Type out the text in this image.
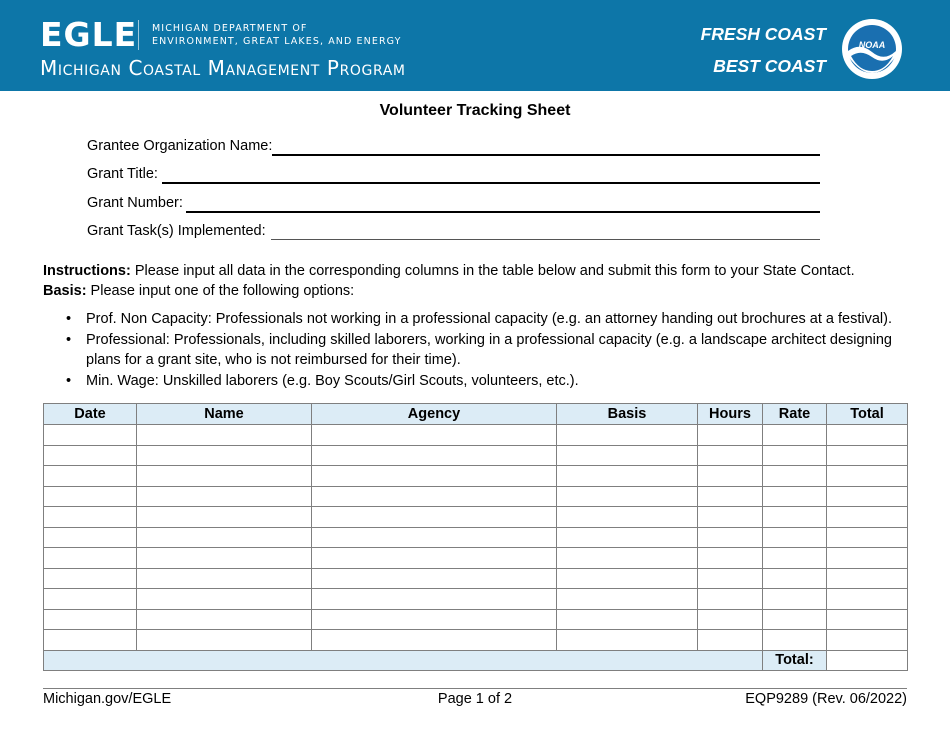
EGLE MICHIGAN DEPARTMENT OF
ENVIRONMENT, GREAT LAKES, AND ENERGY
Michigan Coastal Management Program
FRESH COAST
BEST COAST
NOAA
Volunteer Tracking Sheet
Grantee Organization Name:
Grant Title:
Grant Number:
Grant Task(s) Implemented:
Instructions: Please input all data in the corresponding columns in the table below and submit this form to your State Contact.
Basis: Please input one of the following options:
• Prof. Non Capacity: Professionals not working in a professional capacity (e.g. an attorney handing out brochures at a festival).
• Professional: Professionals, including skilled laborers, working in a professional capacity (e.g. a landscape architect designing plans for a grant site, who is not reimbursed for their time).
• Min. Wage: Unskilled laborers (e.g. Boy Scouts/Girl Scouts, volunteers, etc.).
Date	Name	Agency	Basis	Hours	Rate	Total

					Total:	
Michigan.gov/EGLE	Page 1 of 2	EQP9289 (Rev. 06/2022)
